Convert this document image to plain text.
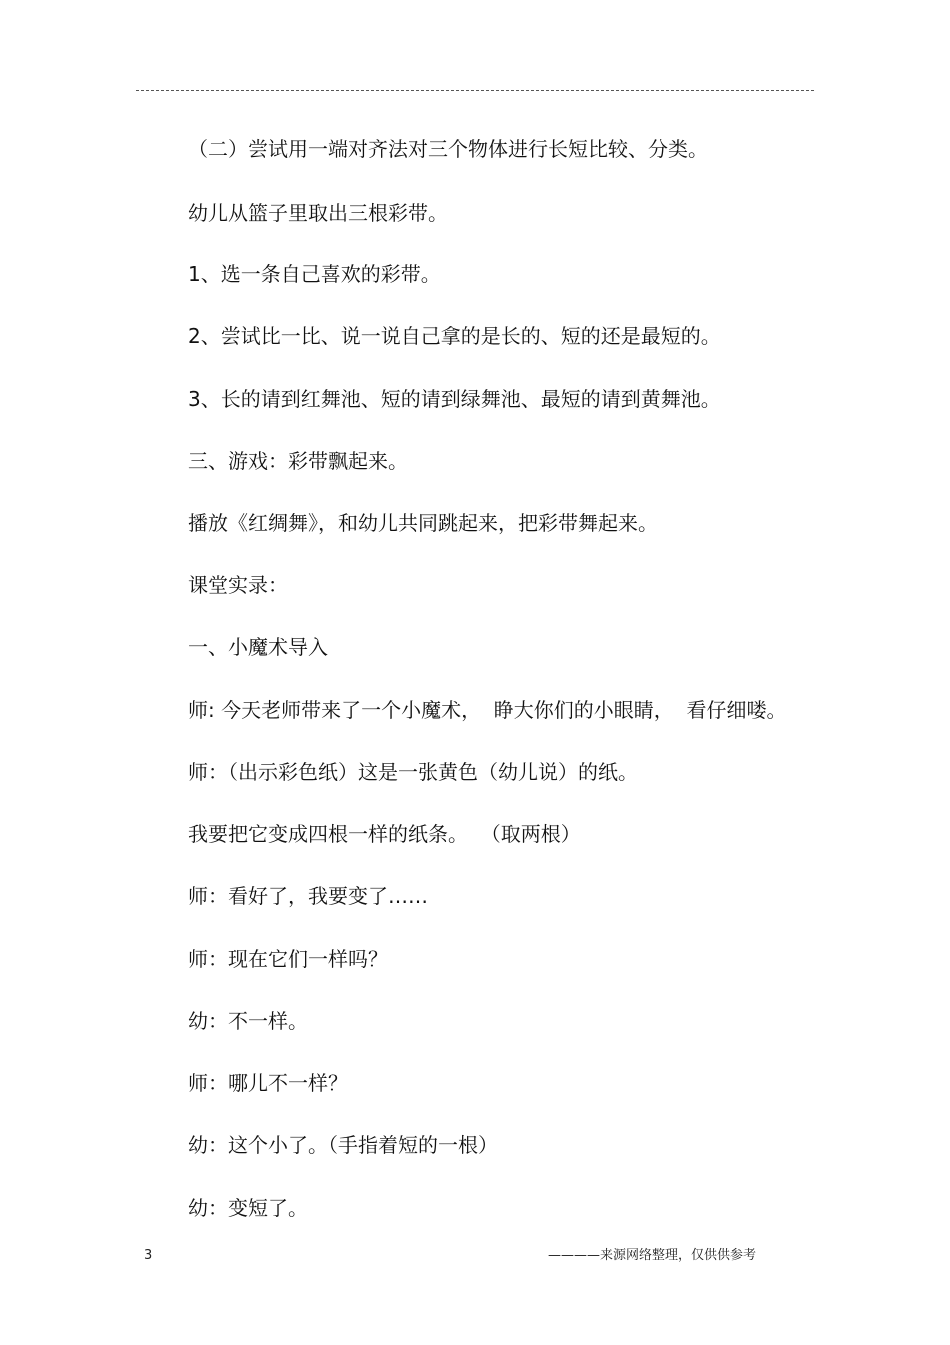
（二）尝试用一端对齐法对三个物体进行长短比较、分类。
幼儿从篮子里取出三根彩带。
1、选一条自己喜欢的彩带。
2、尝试比一比、说一说自己拿的是长的、短的还是最短的。
3、长的请到红舞池、短的请到绿舞池、最短的请到黄舞池。
三、游戏：彩带飘起来。
播放《红绸舞》，和幼儿共同跳起来，把彩带舞起来。
课堂实录：
一、小魔术导入
师: 今天老师带来了一个小魔术，  睁大你们的小眼睛，  看仔细喽。
师：（出示彩色纸）这是一张黄色（幼儿说）的纸。
我要把它变成四根一样的纸条。  （取两根）
师：看好了，我要变了……
师：现在它们一样吗？
幼：不一样。
师：哪儿不一样？
幼：这个小了。（手指着短的一根）
幼：变短了。
3	————来源网络整理，仅供供参考
